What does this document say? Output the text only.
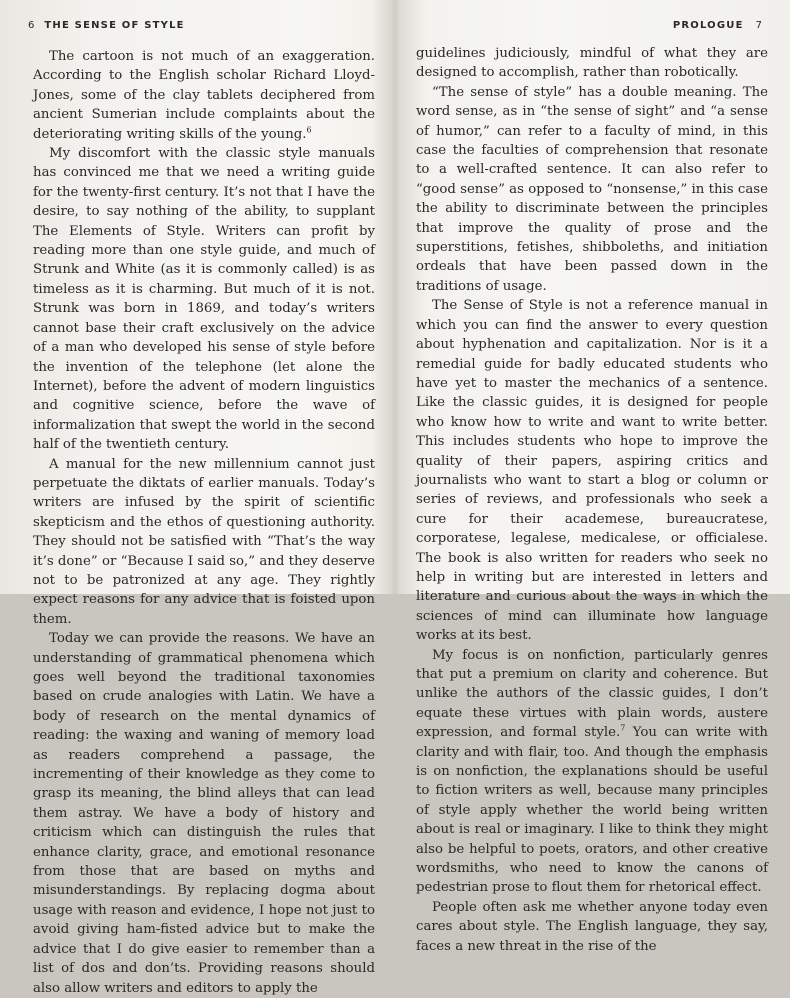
6 THE SENSE OF STYLE

The cartoon is not much of an exaggeration. According to the English scholar Richard Lloyd-Jones, some of the clay tablets deciphered from ancient Sumerian include complaints about the deteriorating writing skills of the young.$^6$

My discomfort with the classic style manuals has convinced me that we need a writing guide for the twenty-first century. It’s not that I have the desire, to say nothing of the ability, to supplant The Elements of Style. Writers can profit by reading more than one style guide, and much of Strunk and White (as it is commonly called) is as timeless as it is charming. But much of it is not. Strunk was born in 1869, and today’s writers cannot base their craft exclusively on the advice of a man who developed his sense of style before the invention of the telephone (let alone the Internet), before the advent of modern linguistics and cognitive science, before the wave of informalization that swept the world in the second half of the twentieth century.

A manual for the new millennium cannot just perpetuate the diktats of earlier manuals. Today’s writers are infused by the spirit of scientific skepticism and the ethos of questioning authority. They should not be satisfied with “That’s the way it’s done” or “Because I said so,” and they deserve not to be patronized at any age. They rightly expect reasons for any advice that is foisted upon them.

Today we can provide the reasons. We have an understanding of grammatical phenomena which goes well beyond the traditional taxonomies based on crude analogies with Latin. We have a body of research on the mental dynamics of reading: the waxing and waning of memory load as readers comprehend a passage, the incrementing of their knowledge as they come to grasp its meaning, the blind alleys that can lead them astray. We have a body of history and criticism which can distinguish the rules that enhance clarity, grace, and emotional resonance from those that are based on myths and misunderstandings. By replacing dogma about usage with reason and evidence, I hope not just to avoid giving ham-fisted advice but to make the advice that I do give easier to remember than a list of dos and don’ts. Providing reasons should also allow writers and editors to apply the

PROLOGUE 7

guidelines judiciously, mindful of what they are designed to accomplish, rather than robotically.

“The sense of style” has a double meaning. The word sense, as in “the sense of sight” and “a sense of humor,” can refer to a faculty of mind, in this case the faculties of comprehension that resonate to a well-crafted sentence. It can also refer to “good sense” as opposed to “nonsense,” in this case the ability to discriminate between the principles that improve the quality of prose and the superstitions, fetishes, shibboleths, and initiation ordeals that have been passed down in the traditions of usage.

The Sense of Style is not a reference manual in which you can find the answer to every question about hyphenation and capitalization. Nor is it a remedial guide for badly educated students who have yet to master the mechanics of a sentence. Like the classic guides, it is designed for people who know how to write and want to write better. This includes students who hope to improve the quality of their papers, aspiring critics and journalists who want to start a blog or column or series of reviews, and professionals who seek a cure for their academese, bureaucratese, corporatese, legalese, medicalese, or officialese. The book is also written for readers who seek no help in writing but are interested in letters and literature and curious about the ways in which the sciences of mind can illuminate how language works at its best.

My focus is on nonfiction, particularly genres that put a premium on clarity and coherence. But unlike the authors of the classic guides, I don’t equate these virtues with plain words, austere expression, and formal style.$^7$ You can write with clarity and with flair, too. And though the emphasis is on nonfiction, the explanations should be useful to fiction writers as well, because many principles of style apply whether the world being written about is real or imaginary. I like to think they might also be helpful to poets, orators, and other creative wordsmiths, who need to know the canons of pedestrian prose to flout them for rhetorical effect.

People often ask me whether anyone today even cares about style. The English language, they say, faces a new threat in the rise of the
